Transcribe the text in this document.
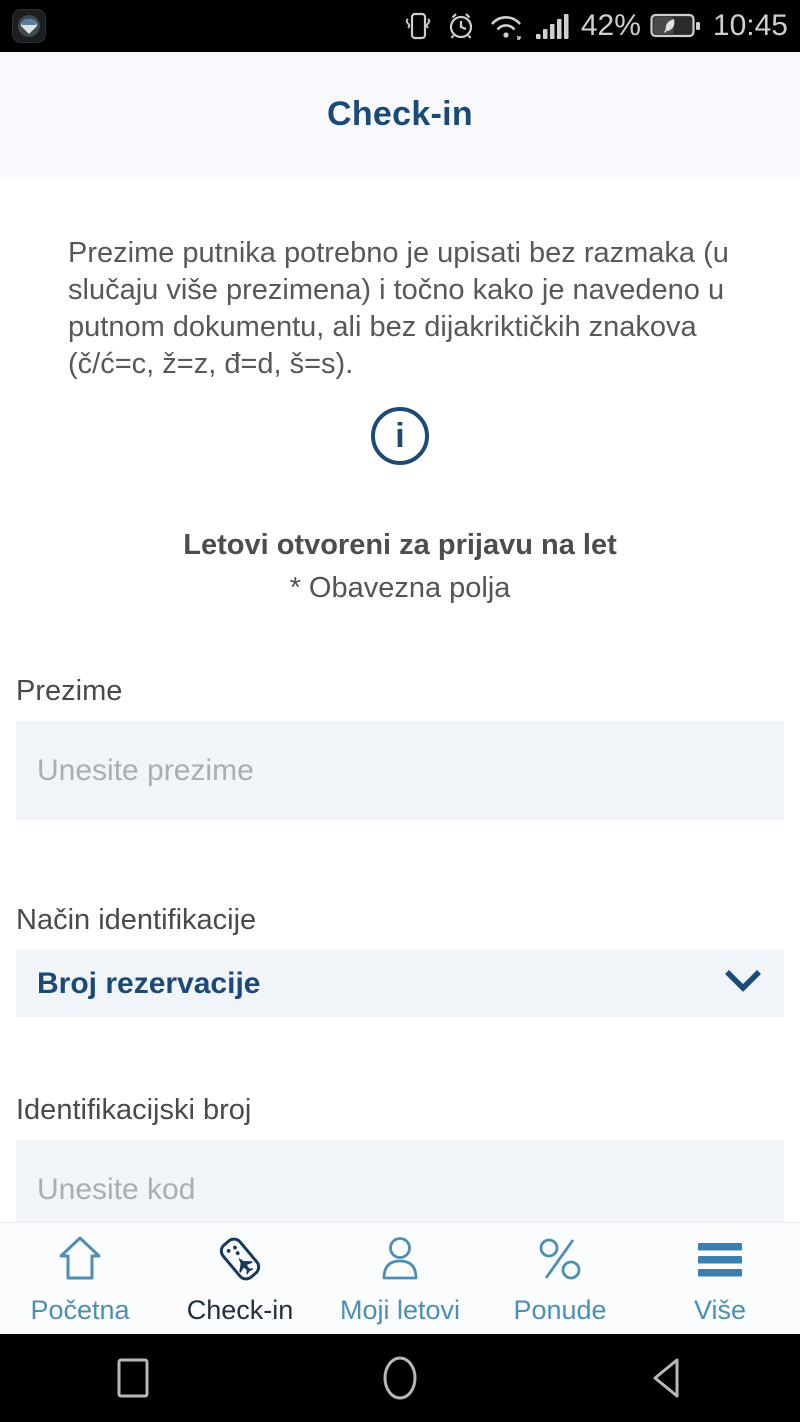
42% 10:45
Check-in

Prezime putnika potrebno je upisati bez razmaka (u slučaju više prezimena) i točno kako je navedeno u putnom dokumentu, ali bez dijakriktičkih znakova (č/ć=c, ž=z, đ=d, š=s).

i
Letovi otvoreni za prijavu na let

* Obavezna polja

Prezime
Unesite prezime
Način identifikacije
Broj rezervacije
Identifikacijski broj
Unesite kod
Početna Check-in Moji letovi Ponude	Više
